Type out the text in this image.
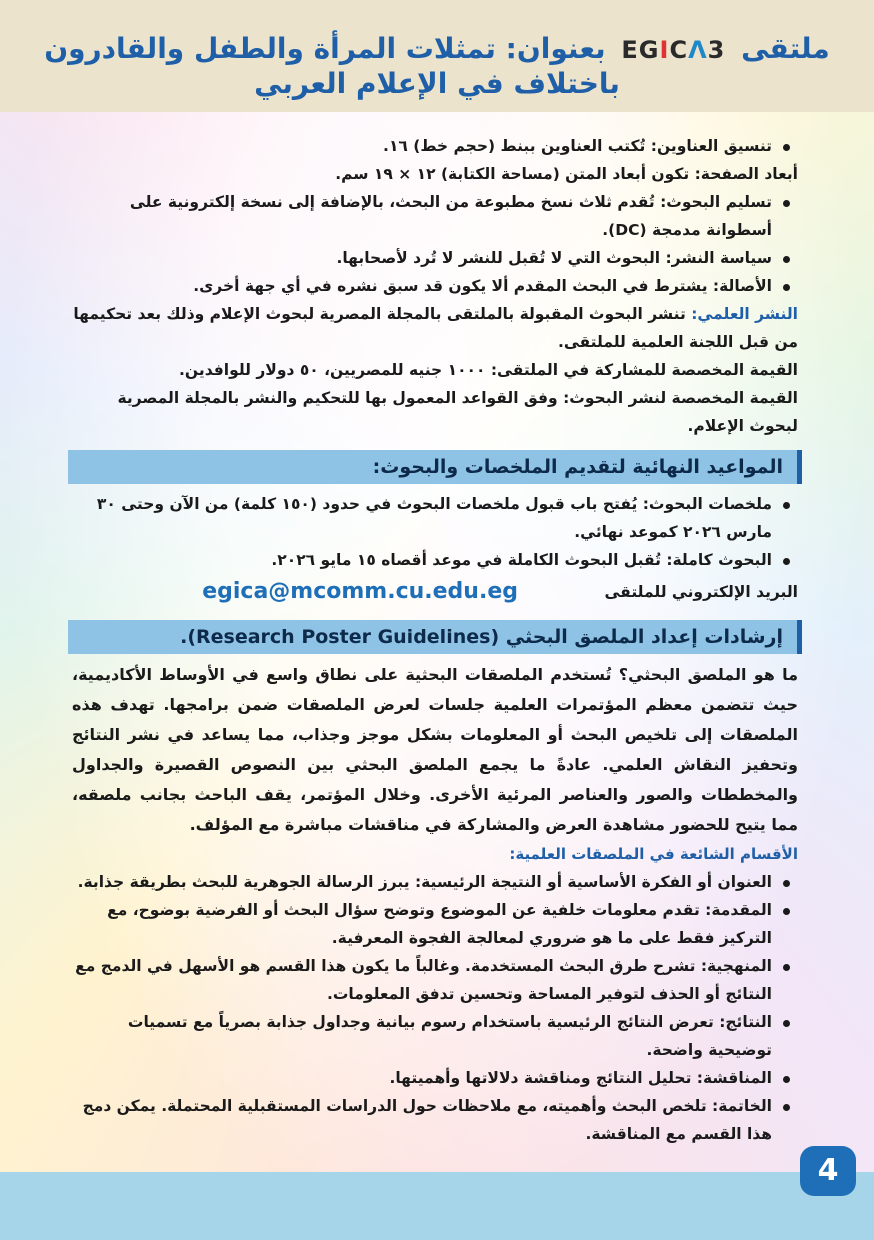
ملتقى EGICΛ3 بعنوان: تمثلات المرأة والطفل والقادرون باختلاف في الإعلام العربي
تنسيق العناوين: تُكتب العناوين ببنط (حجم خط) ١٦.
أبعاد الصفحة: تكون أبعاد المتن (مساحة الكتابة) ١٢ × ١٩ سم.
تسليم البحوث: تُقدم ثلاث نسخ مطبوعة من البحث، بالإضافة إلى نسخة إلكترونية على أسطوانة مدمجة (DC).
سياسة النشر: البحوث التي لا تُقبل للنشر لا تُرد لأصحابها.
الأصالة: يشترط في البحث المقدم ألا يكون قد سبق نشره في أي جهة أخرى.
النشر العلمي: تنشر البحوث المقبولة بالملتقى بالمجلة المصرية لبحوث الإعلام وذلك بعد تحكيمها من قبل اللجنة العلمية للملتقى.
القيمة المخصصة للمشاركة في الملتقى: ١٠٠٠ جنيه للمصريين، ٥٠ دولار للوافدين.
القيمة المخصصة لنشر البحوث: وفق القواعد المعمول بها للتحكيم والنشر بالمجلة المصرية لبحوث الإعلام.
المواعيد النهائية لتقديم الملخصات والبحوث:
ملخصات البحوث: يُفتح باب قبول ملخصات البحوث في حدود (١٥٠ كلمة) من الآن وحتى ٣٠ مارس ٢٠٢٦ كموعد نهائي.
البحوث كاملة: تُقبل البحوث الكاملة في موعد أقصاه ١٥ مايو ٢٠٢٦.
البريد الإلكتروني للملتقى
egica@mcomm.cu.edu.eg
إرشادات إعداد الملصق البحثي (Research Poster Guidelines).
ما هو الملصق البحثي؟ تُستخدم الملصقات البحثية على نطاق واسع في الأوساط الأكاديمية، حيث تتضمن معظم المؤتمرات العلمية جلسات لعرض الملصقات ضمن برامجها. تهدف هذه الملصقات إلى تلخيص البحث أو المعلومات بشكل موجز وجذاب، مما يساعد في نشر النتائج وتحفيز النقاش العلمي. عادةً ما يجمع الملصق البحثي بين النصوص القصيرة والجداول والمخططات والصور والعناصر المرئية الأخرى. وخلال المؤتمر، يقف الباحث بجانب ملصقه، مما يتيح للحضور مشاهدة العرض والمشاركة في مناقشات مباشرة مع المؤلف.
الأقسام الشائعة في الملصقات العلمية:
العنوان أو الفكرة الأساسية أو النتيجة الرئيسية: يبرز الرسالة الجوهرية للبحث بطريقة جذابة.
المقدمة: تقدم معلومات خلفية عن الموضوع وتوضح سؤال البحث أو الفرضية بوضوح، مع التركيز فقط على ما هو ضروري لمعالجة الفجوة المعرفية.
المنهجية: تشرح طرق البحث المستخدمة. وغالباً ما يكون هذا القسم هو الأسهل في الدمج مع النتائج أو الحذف لتوفير المساحة وتحسين تدفق المعلومات.
النتائج: تعرض النتائج الرئيسية باستخدام رسوم بيانية وجداول جذابة بصرياً مع تسميات توضيحية واضحة.
المناقشة: تحليل النتائج ومناقشة دلالاتها وأهميتها.
الخاتمة: تلخص البحث وأهميته، مع ملاحظات حول الدراسات المستقبلية المحتملة. يمكن دمج هذا القسم مع المناقشة.
4
